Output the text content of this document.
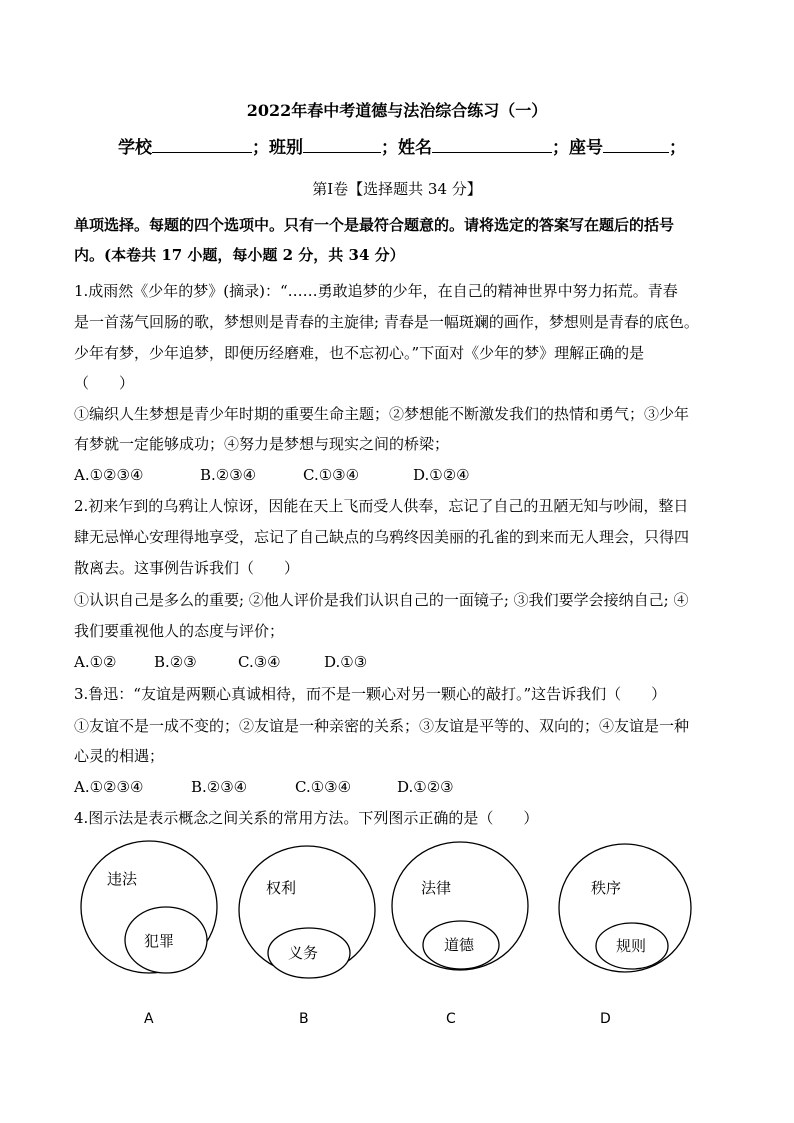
2022年春中考道德与法治综合练习（一）
学校	；班别	；姓名	；座号	；
第Ⅰ卷【选择题共 34 分】
单项选择。每题的四个选项中。只有一个是最符合题意的。请将选定的答案写在题后的括号
内。(本卷共 17 小题，每小题 2 分，共 34 分）
1.成雨然《少年的梦》(摘录)：“……勇敢追梦的少年，在自己的精神世界中努力拓荒。青春
是一首荡气回肠的歌，梦想则是青春的主旋律; 青春是一幅斑斓的画作，梦想则是青春的底色。
少年有梦，少年追梦，即便历经磨难，也不忘初心。”下面对《少年的梦》理解正确的是
（　　）
①编织人生梦想是青少年时期的重要生命主题；②梦想能不断激发我们的热情和勇气；③少年
有梦就一定能够成功；④努力是梦想与现实之间的桥梁；
A.①②③④	B.②③④	C.①③④	D.①②④
2.初来乍到的乌鸦让人惊讶，因能在天上飞而受人供奉，忘记了自己的丑陋无知与吵闹，整日
肆无忌惮心安理得地享受，忘记了自己缺点的乌鸦终因美丽的孔雀的到来而无人理会，只得四
散离去。这事例告诉我们（　　）
①认识自己是多么的重要; ②他人评价是我们认识自己的一面镜子; ③我们要学会接纳自己; ④
我们要重视他人的态度与评价；
A.①②	B.②③	C.③④	D.①③
3.鲁迅：“友谊是两颗心真诚相待，而不是一颗心对另一颗心的敲打。”这告诉我们（　　）
①友谊不是一成不变的；②友谊是一种亲密的关系；③友谊是平等的、双向的；④友谊是一种
心灵的相遇；
A.①②③④	B.②③④	C.①③④	D.①②③
4.图示法是表示概念之间关系的常用方法。下列图示正确的是（　　）
违法
犯罪
A
权利
义务
B
法律
道德
C
秩序
规则
D
